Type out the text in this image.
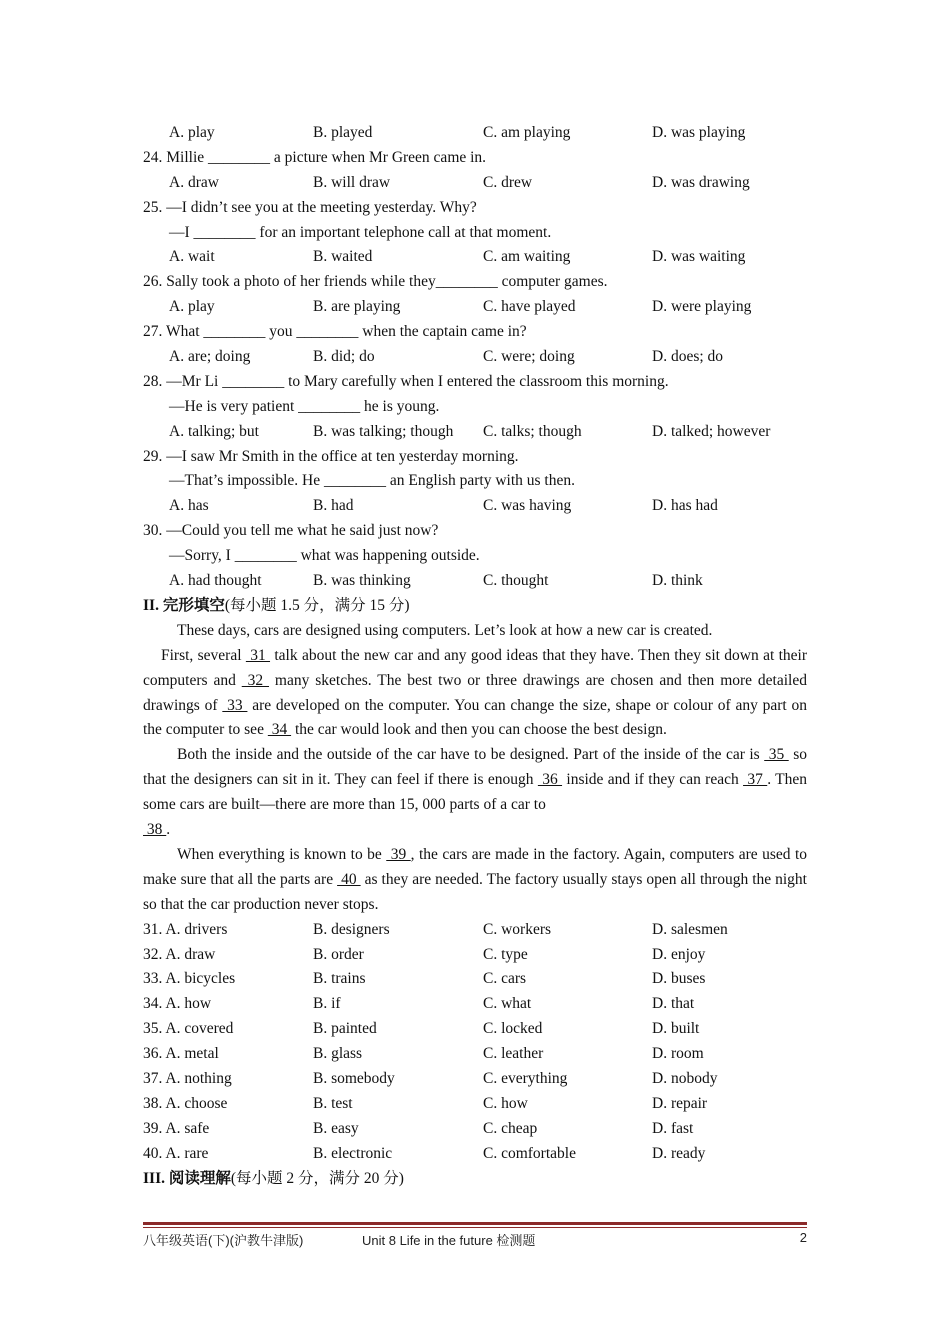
A. play	B. played	C. am playing	D. was playing
24. Millie ________ a picture when Mr Green came in.
A. draw	B. will draw	C. drew	D. was drawing
25. —I didn’t see you at the meeting yesterday. Why?
—I ________ for an important telephone call at that moment.
A. wait	B. waited	C. am waiting	D. was waiting
26. Sally took a photo of her friends while they________ computer games.
A. play	B. are playing	C. have played	D. were playing
27. What ________ you ________ when the captain came in?
A. are; doing	B. did; do	C. were; doing	D. does; do
28. —Mr Li ________ to Mary carefully when I entered the classroom this morning.
—He is very patient ________ he is young.
A. talking; but	B. was talking; though C. talks; though	D. talked; however
29. —I saw Mr Smith in the office at ten yesterday morning.
—That’s impossible. He ________ an English party with us then.
A. has	B. had	C. was having	D. has had
30. —Could you tell me what he said just now?
—Sorry, I ________ what was happening outside.
A. had thought	B. was thinking	C. thought	D. think
II. 完形填空(每小题 1.5 分，满分 15 分)
These days, cars are designed using computers. Let’s look at how a new car is created.
First, several  31  talk about the new car and any good ideas that they have. Then they sit down at their computers and  32  many sketches. The best two or three drawings are chosen and then more detailed drawings of  33  are developed on the computer. You can change the size, shape or colour of any part on the computer to see  34  the car would look and then you can choose the best design.
Both the inside and the outside of the car have to be designed. Part of the inside of the car is  35  so that the designers can sit in it. They can feel if there is enough  36  inside and if they can reach  37 . Then some cars are built—there are more than 15, 000 parts of a car to
38 .
When everything is known to be  39 , the cars are made in the factory. Again, computers are used to make sure that all the parts are  40  as they are needed. The factory usually stays open all through the night so that the car production never stops.
31. A. drivers	B. designers	C. workers	D. salesmen
32. A. draw	B. order	C. type	D. enjoy
33. A. bicycles	B. trains	C. cars	D. buses
34. A. how	B. if	C. what	D. that
35. A. covered	B. painted	C. locked	D. built
36. A. metal	B. glass	C. leather	D. room
37. A. nothing	B. somebody	C. everything	D. nobody
38. A. choose	B. test	C. how	D. repair
39. A. safe	B. easy	C. cheap	D. fast
40. A. rare	B. electronic	C. comfortable	D. ready
III. 阅读理解(每小题 2 分，满分 20 分)
八年级英语(下)(沪教牛津版)	Unit 8 Life in the future 检测题	2
